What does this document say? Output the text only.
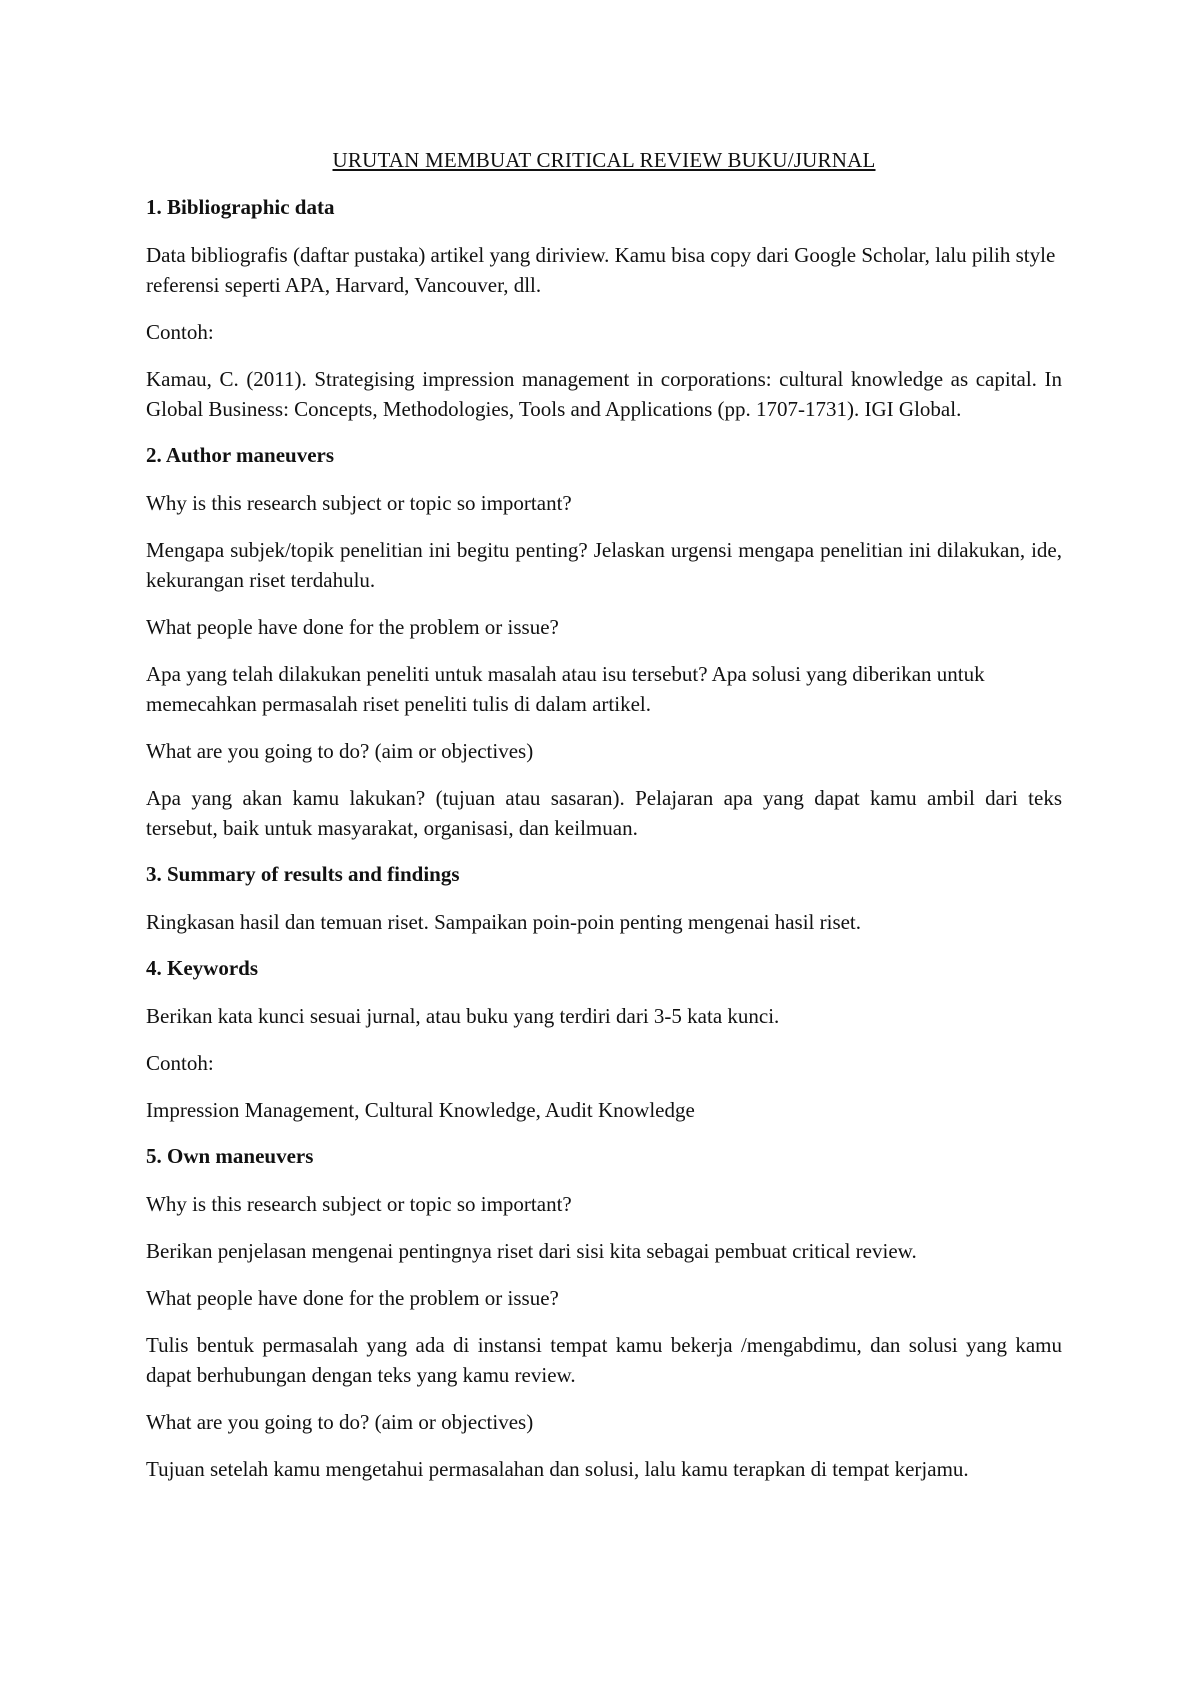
URUTAN MEMBUAT CRITICAL REVIEW BUKU/JURNAL
1. Bibliographic data

Data bibliografis (daftar pustaka) artikel yang diriview. Kamu bisa copy dari Google Scholar, lalu pilih style referensi seperti APA, Harvard, Vancouver, dll.

Contoh:

Kamau, C. (2011). Strategising impression management in corporations: cultural knowledge as capital. In Global Business: Concepts, Methodologies, Tools and Applications (pp. 1707-1731). IGI Global.

2. Author maneuvers

Why is this research subject or topic so important?

Mengapa subjek/topik penelitian ini begitu penting? Jelaskan urgensi mengapa penelitian ini dilakukan, ide, kekurangan riset terdahulu.

What people have done for the problem or issue?

Apa yang telah dilakukan peneliti untuk masalah atau isu tersebut? Apa solusi yang diberikan untuk memecahkan permasalah riset peneliti tulis di dalam artikel.

What are you going to do? (aim or objectives)

Apa yang akan kamu lakukan? (tujuan atau sasaran). Pelajaran apa yang dapat kamu ambil dari teks tersebut, baik untuk masyarakat, organisasi, dan keilmuan.

3. Summary of results and findings

Ringkasan hasil dan temuan riset. Sampaikan poin-poin penting mengenai hasil riset.

4. Keywords

Berikan kata kunci sesuai jurnal, atau buku yang terdiri dari 3-5 kata kunci.

Contoh:

Impression Management, Cultural Knowledge, Audit Knowledge

5. Own maneuvers

Why is this research subject or topic so important?

Berikan penjelasan mengenai pentingnya riset dari sisi kita sebagai pembuat critical review.

What people have done for the problem or issue?

Tulis bentuk permasalah yang ada di instansi tempat kamu bekerja /mengabdimu, dan solusi yang kamu dapat berhubungan dengan teks yang kamu review.

What are you going to do? (aim or objectives)

Tujuan setelah kamu mengetahui permasalahan dan solusi, lalu kamu terapkan di tempat kerjamu.
